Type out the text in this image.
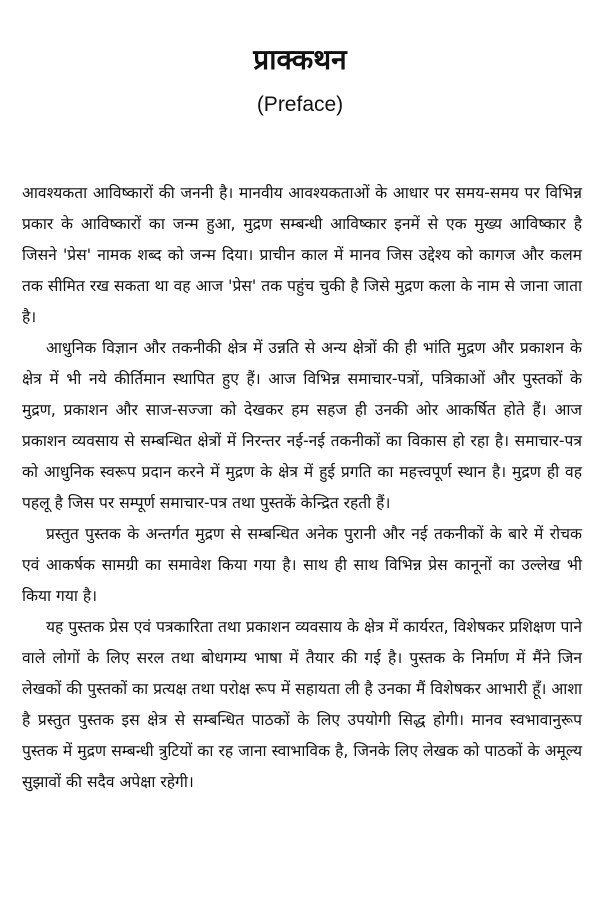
प्राक्कथन
(Preface)

आवश्यकता आविष्कारों की जननी है। मानवीय आवश्यकताओं के आधार पर समय-समय पर विभिन्न प्रकार के आविष्कारों का जन्म हुआ, मुद्रण सम्बन्धी आविष्कार इनमें से एक मुख्य आविष्कार है जिसने 'प्रेस' नामक शब्द को जन्म दिया। प्राचीन काल में मानव जिस उद्देश्य को कागज और कलम तक सीमित रख सकता था वह आज 'प्रेस' तक पहुंच चुकी है जिसे मुद्रण कला के नाम से जाना जाता है।

आधुनिक विज्ञान और तकनीकी क्षेत्र में उन्नति से अन्य क्षेत्रों की ही भांति मुद्रण और प्रकाशन के क्षेत्र में भी नये कीर्तिमान स्थापित हुए हैं। आज विभिन्न समाचार-पत्रों, पत्रिकाओं और पुस्तकों के मुद्रण, प्रकाशन और साज-सज्जा को देखकर हम सहज ही उनकी ओर आकर्षित होते हैं। आज प्रकाशन व्यवसाय से सम्बन्धित क्षेत्रों में निरन्तर नई-नई तकनीकों का विकास हो रहा है। समाचार-पत्र को आधुनिक स्वरूप प्रदान करने में मुद्रण के क्षेत्र में हुई प्रगति का महत्त्वपूर्ण स्थान है। मुद्रण ही वह पहलू है जिस पर सम्पूर्ण समाचार-पत्र तथा पुस्तकें केन्द्रित रहती हैं।

प्रस्तुत पुस्तक के अन्तर्गत मुद्रण से सम्बन्धित अनेक पुरानी और नई तकनीकों के बारे में रोचक एवं आकर्षक सामग्री का समावेश किया गया है। साथ ही साथ विभिन्न प्रेस कानूनों का उल्लेख भी किया गया है।

यह पुस्तक प्रेस एवं पत्रकारिता तथा प्रकाशन व्यवसाय के क्षेत्र में कार्यरत, विशेषकर प्रशिक्षण पाने वाले लोगों के लिए सरल तथा बोधगम्य भाषा में तैयार की गई है। पुस्तक के निर्माण में मैंने जिन लेखकों की पुस्तकों का प्रत्यक्ष तथा परोक्ष रूप में सहायता ली है उनका मैं विशेषकर आभारी हूँ। आशा है प्रस्तुत पुस्तक इस क्षेत्र से सम्बन्धित पाठकों के लिए उपयोगी सिद्ध होगी। मानव स्वभावानुरूप पुस्तक में मुद्रण सम्बन्धी त्रुटियों का रह जाना स्वाभाविक है, जिनके लिए लेखक को पाठकों के अमूल्य सुझावों की सदैव अपेक्षा रहेगी।
